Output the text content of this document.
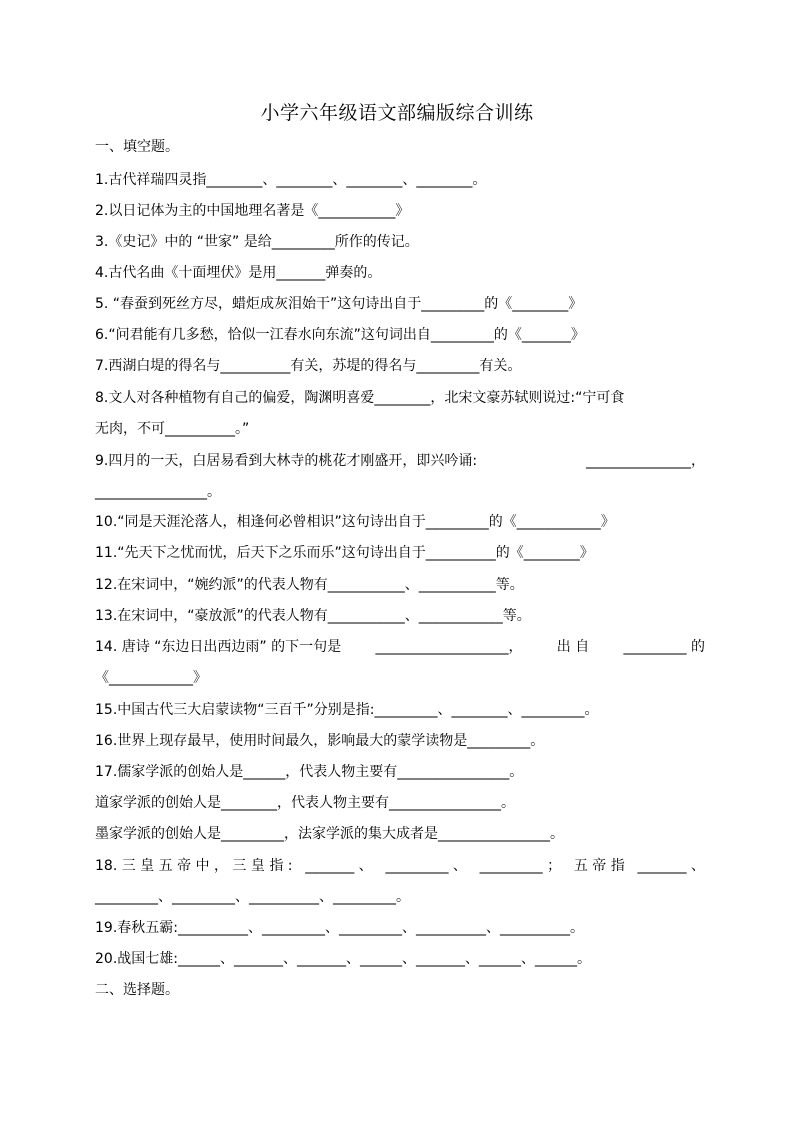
小学六年级语文部编版综合训练
一、填空题。
1.古代祥瑞四灵指________、________、________、________。
2.以日记体为主的中国地理名著是《___________》
3.《史记》中的 “世家” 是给_________所作的传记。
4.古代名曲《十面埋伏》是用_______弹奏的。
5. “春蚕到死丝方尽，蜡炬成灰泪始干”这句诗出自于_________的《________》
6.“问君能有几多愁，恰似一江春水向东流”这句词出自_________的《_______》
7.西湖白堤的得名与__________有关，苏堤的得名与_________有关。
8.文人对各种植物有自己的偏爱，陶渊明喜爱________，北宋文豪苏轼则说过:“宁可食
无肉，不可__________。”
9.四月的一天，白居易看到大林寺的桃花才刚盛开，即兴吟诵:	_______________，
________________。
10.“同是天涯沦落人，相逢何必曾相识”这句诗出自于_________的《____________》
11.“先天下之忧而忧，后天下之乐而乐”这句诗出自于__________的《________》
12.在宋词中，“婉约派”的代表人物有___________、___________等。
13.在宋词中，“豪放派”的代表人物有___________、____________等。
14. 唐诗 “东边日出西边雨” 的下一句是 ___________________， 出 自 _________ 的
《____________》
15.中国古代三大启蒙读物“三百千”分别是指:_________、________、_________。
16.世界上现存最早，使用时间最久，影响最大的蒙学读物是_________。
17.儒家学派的创始人是______，代表人物主要有________________。
道家学派的创始人是________，代表人物主要有________________。
墨家学派的创始人是_________，法家学派的集大成者是________________。
18. 三 皇 五 帝 中 ， 三 皇 指 : _______ 、 _________ 、 _________ ； 五 帝 指 _______ 、
_________、_________、__________、_________。
19.春秋五霸:__________、_________、_________、__________、__________。
20.战国七雄:______、_______、_______、______、_______、______、______。
二、选择题。
